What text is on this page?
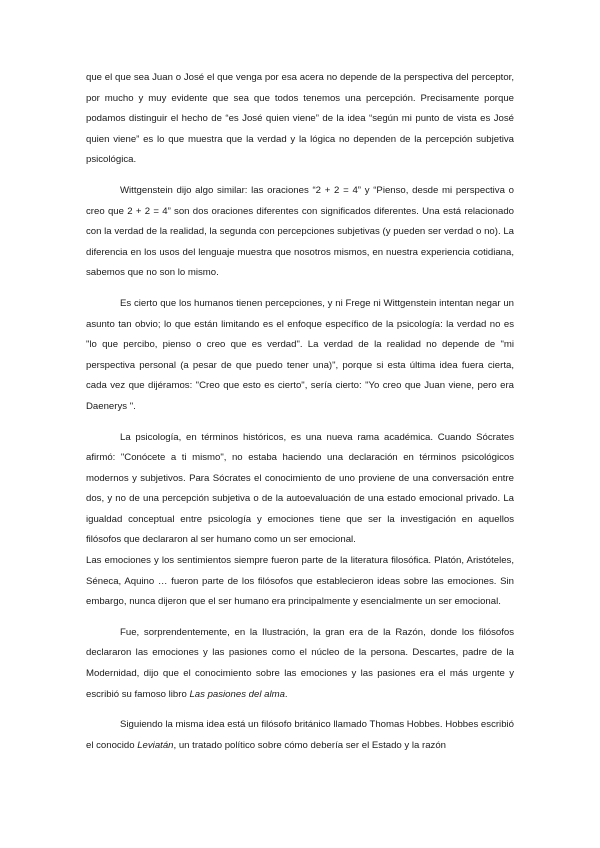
que el que sea Juan o José el que venga por esa acera no depende de la perspectiva del perceptor, por mucho y muy evidente que sea que todos tenemos una percepción. Precisamente porque podamos distinguir el hecho de “es José quien viene” de la idea “según mi punto de vista es José quien viene” es lo que muestra que la verdad y la lógica no dependen de la percepción subjetiva psicológica.

Wittgenstein dijo algo similar: las oraciones “2 + 2 = 4” y “Pienso, desde mi perspectiva o creo que 2 + 2 = 4” son dos oraciones diferentes con significados diferentes. Una está relacionado con la verdad de la realidad, la segunda con percepciones subjetivas (y pueden ser verdad o no). La diferencia en los usos del lenguaje muestra que nosotros mismos, en nuestra experiencia cotidiana, sabemos que no son lo mismo.

Es cierto que los humanos tienen percepciones, y ni Frege ni Wittgenstein intentan negar un asunto tan obvio; lo que están limitando es el enfoque específico de la psicología: la verdad no es "lo que percibo, pienso o creo que es verdad". La verdad de la realidad no depende de "mi perspectiva personal (a pesar de que puedo tener una)", porque si esta última idea fuera cierta, cada vez que dijéramos: "Creo que esto es cierto", sería cierto: "Yo creo que Juan viene, pero era Daenerys ".

La psicología, en términos históricos, es una nueva rama académica. Cuando Sócrates afirmó: "Conócete a ti mismo", no estaba haciendo una declaración en términos psicológicos modernos y subjetivos. Para Sócrates el conocimiento de uno proviene de una conversación entre dos, y no de una percepción subjetiva o de la autoevaluación de una estado emocional privado. La igualdad conceptual entre psicología y emociones tiene que ser la investigación en aquellos filósofos que declararon al ser humano como un ser emocional.

Las emociones y los sentimientos siempre fueron parte de la literatura filosófica. Platón, Aristóteles, Séneca, Aquino … fueron parte de los filósofos que establecieron ideas sobre las emociones. Sin embargo, nunca dijeron que el ser humano era principalmente y esencialmente un ser emocional.

Fue, sorprendentemente, en la Ilustración, la gran era de la Razón, donde los filósofos declararon las emociones y las pasiones como el núcleo de la persona. Descartes, padre de la Modernidad, dijo que el conocimiento sobre las emociones y las pasiones era el más urgente y escribió su famoso libro Las pasiones del alma.

Siguiendo la misma idea está un filósofo británico llamado Thomas Hobbes. Hobbes escribió el conocido Leviatán, un tratado político sobre cómo debería ser el Estado y la razón
